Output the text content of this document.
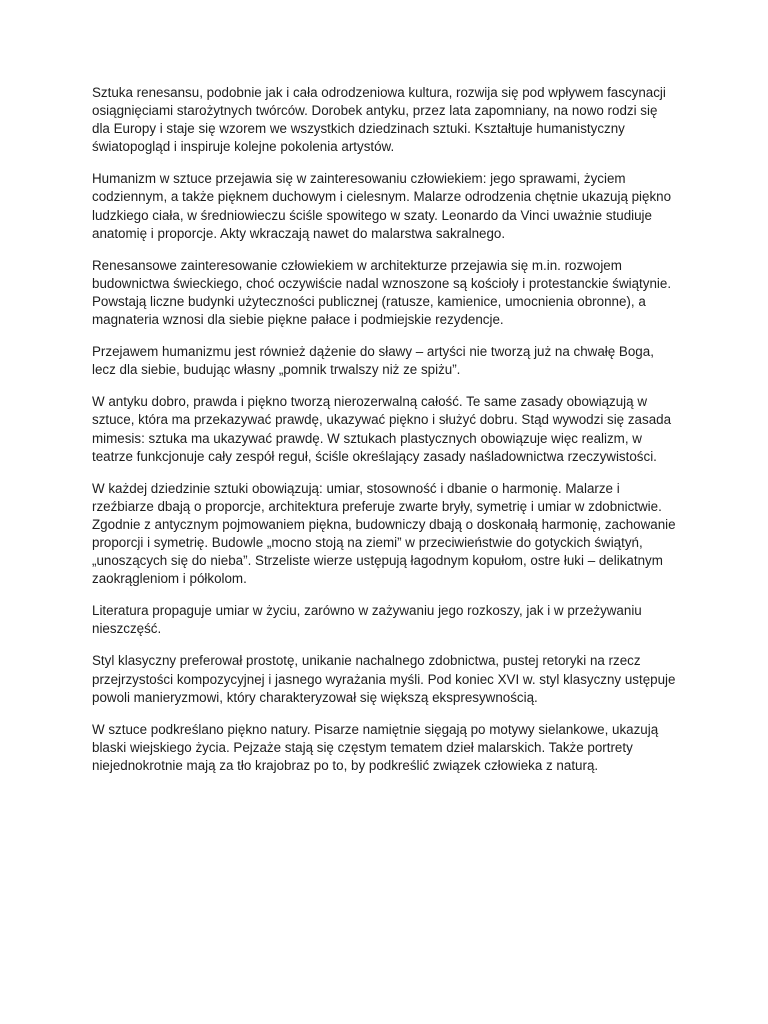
Sztuka renesansu, podobnie jak i cała odrodzeniowa kultura, rozwija się pod wpływem fascynacji osiągnięciami starożytnych twórców. Dorobek antyku, przez lata zapomniany, na nowo rodzi się dla Europy i staje się wzorem we wszystkich dziedzinach sztuki. Kształtuje humanistyczny światopogląd i inspiruje kolejne pokolenia artystów.

Humanizm w sztuce przejawia się w zainteresowaniu człowiekiem: jego sprawami, życiem codziennym, a także pięknem duchowym i cielesnym. Malarze odrodzenia chętnie ukazują piękno ludzkiego ciała, w średniowieczu ściśle spowitego w szaty. Leonardo da Vinci uważnie studiuje anatomię i proporcje. Akty wkraczają nawet do malarstwa sakralnego.

Renesansowe zainteresowanie człowiekiem w architekturze przejawia się m.in. rozwojem budownictwa świeckiego, choć oczywiście nadal wznoszone są kościoły i protestanckie świątynie. Powstają liczne budynki użyteczności publicznej (ratusze, kamienice, umocnienia obronne), a magnateria wznosi dla siebie piękne pałace i podmiejskie rezydencje.

Przejawem humanizmu jest również dążenie do sławy – artyści nie tworzą już na chwałę Boga, lecz dla siebie, budując własny „pomnik trwalszy niż ze spiżu”.

W antyku dobro, prawda i piękno tworzą nierozerwalną całość. Te same zasady obowiązują w sztuce, która ma przekazywać prawdę, ukazywać piękno i służyć dobru. Stąd wywodzi się zasada mimesis: sztuka ma ukazywać prawdę. W sztukach plastycznych obowiązuje więc realizm, w teatrze funkcjonuje cały zespół reguł, ściśle określający zasady naśladownictwa rzeczywistości.

W każdej dziedzinie sztuki obowiązują: umiar, stosowność i dbanie o harmonię. Malarze i rzeźbiarze dbają o proporcje, architektura preferuje zwarte bryły, symetrię i umiar w zdobnictwie. Zgodnie z antycznym pojmowaniem piękna, budowniczy dbają o doskonałą harmonię, zachowanie proporcji i symetrię. Budowle „mocno stoją na ziemi” w przeciwieństwie do gotyckich świątyń, „unoszących się do nieba”. Strzeliste wierze ustępują łagodnym kopułom, ostre łuki – delikatnym zaokrągleniom i półkolom.

Literatura propaguje umiar w życiu, zarówno w zażywaniu jego rozkoszy, jak i w przeżywaniu nieszczęść.

Styl klasyczny preferował prostotę, unikanie nachalnego zdobnictwa, pustej retoryki na rzecz przejrzystości kompozycyjnej i jasnego wyrażania myśli. Pod koniec XVI w. styl klasyczny ustępuje powoli manieryzmowi, który charakteryzował się większą ekspresywnością.

W sztuce podkreślano piękno natury. Pisarze namiętnie sięgają po motywy sielankowe, ukazują blaski wiejskiego życia. Pejzaże stają się częstym tematem dzieł malarskich. Także portrety niejednokrotnie mają za tło krajobraz po to, by podkreślić związek człowieka z naturą.
